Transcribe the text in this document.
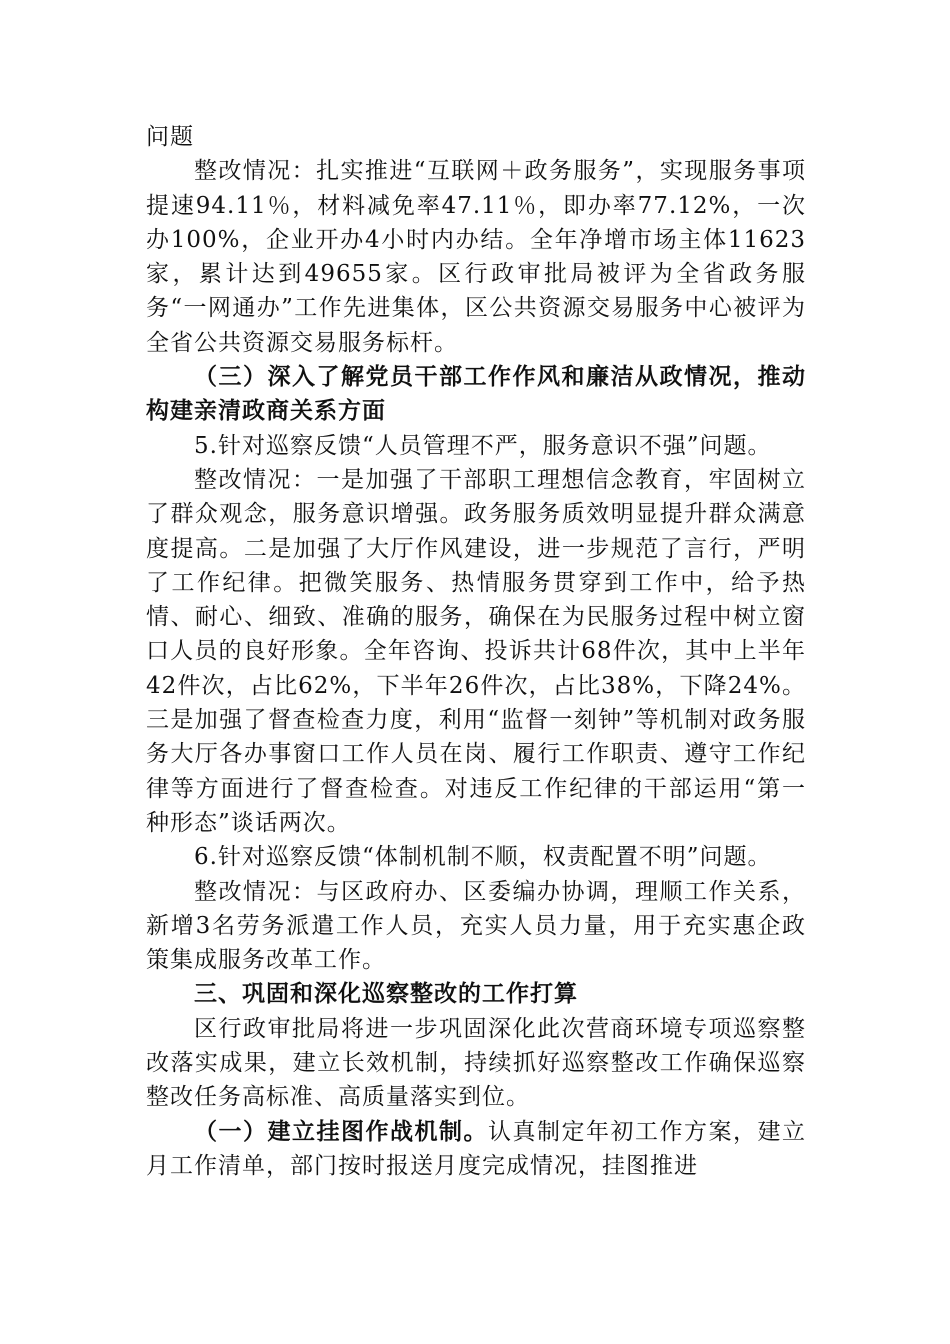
问题

整改情况：扎实推进“互联网＋政务服务”，实现服务事项提速94.11％，材料减免率47.11％，即办率77.12%，一次办100%，企业开办4小时内办结。全年净增市场主体11623家，累计达到49655家。区行政审批局被评为全省政务服务“一网通办”工作先进集体，区公共资源交易服务中心被评为全省公共资源交易服务标杆。

（三）深入了解党员干部工作作风和廉洁从政情况，推动构建亲清政商关系方面

5.针对巡察反馈“人员管理不严，服务意识不强”问题。

整改情况：一是加强了干部职工理想信念教育，牢固树立了群众观念，服务意识增强。政务服务质效明显提升群众满意度提高。二是加强了大厅作风建设，进一步规范了言行，严明了工作纪律。把微笑服务、热情服务贯穿到工作中，给予热情、耐心、细致、准确的服务，确保在为民服务过程中树立窗口人员的良好形象。全年咨询、投诉共计68件次，其中上半年42件次，占比62%，下半年26件次，占比38%，下降24%。三是加强了督查检查力度，利用“监督一刻钟”等机制对政务服务大厅各办事窗口工作人员在岗、履行工作职责、遵守工作纪律等方面进行了督查检查。对违反工作纪律的干部运用“第一种形态”谈话两次。

6.针对巡察反馈“体制机制不顺，权责配置不明”问题。

整改情况：与区政府办、区委编办协调，理顺工作关系，新增3名劳务派遣工作人员，充实人员力量，用于充实惠企政策集成服务改革工作。

三、巩固和深化巡察整改的工作打算

区行政审批局将进一步巩固深化此次营商环境专项巡察整改落实成果，建立长效机制，持续抓好巡察整改工作确保巡察整改任务高标准、高质量落实到位。

（一）建立挂图作战机制。认真制定年初工作方案，建立月工作清单，部门按时报送月度完成情况，挂图推进
